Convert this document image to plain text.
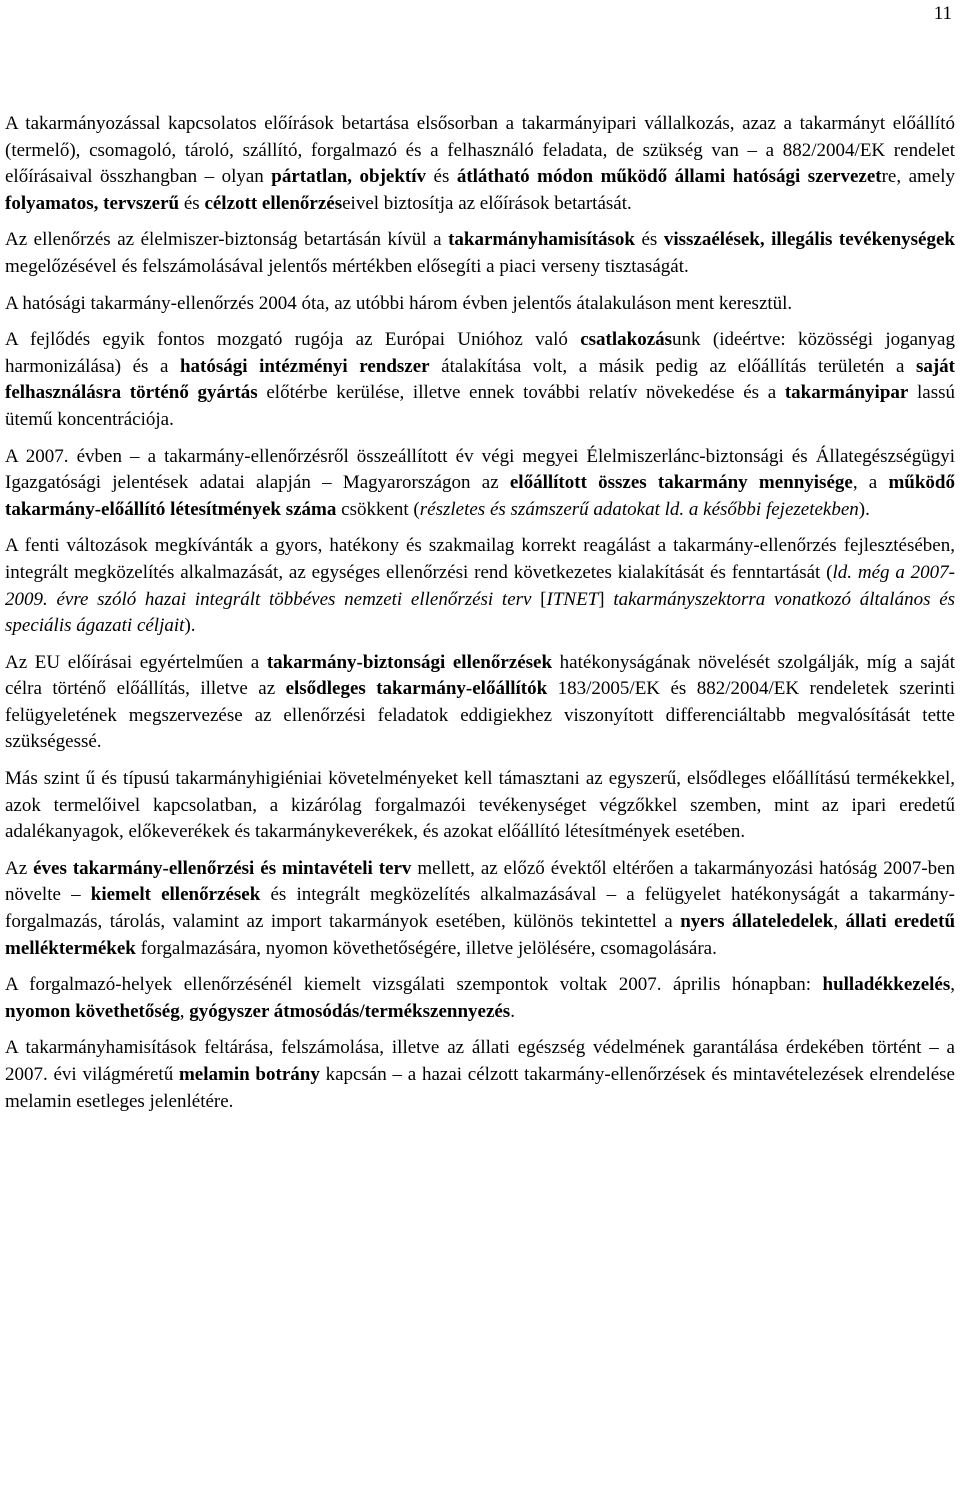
11

A takarmányozással kapcsolatos előírások betartása elsősorban a takarmányipari vállalkozás, azaz a takarmányt előállító (termelő), csomagoló, tároló, szállító, forgalmazó és a felhasználó feladata, de szükség van – a 882/2004/EK rendelet előírásaival összhangban – olyan pártatlan, objektív és átlátható módon működő állami hatósági szervezetre, amely folyamatos, tervszerű és célzott ellenőrzéseivel biztosítja az előírások betartását.

Az ellenőrzés az élelmiszer-biztonság betartásán kívül a takarmányhamisítások és visszaélések, illegális tevékenységek megelőzésével és felszámolásával jelentős mértékben elősegíti a piaci verseny tisztaságát.

A hatósági takarmány-ellenőrzés 2004 óta, az utóbbi három évben jelentős átalakuláson ment keresztül.

A fejlődés egyik fontos mozgató rugója az Európai Unióhoz való csatlakozásunk (ideértve: közösségi joganyag harmonizálása) és a hatósági intézményi rendszer átalakítása volt, a másik pedig az előállítás területén a saját felhasználásra történő gyártás előtérbe kerülése, illetve ennek további relatív növekedése és a takarmányipar lassú ütemű koncentrációja.

A 2007. évben – a takarmány-ellenőrzésről összeállított év végi megyei Élelmiszerlánc-biztonsági és Állategészségügyi Igazgatósági jelentések adatai alapján – Magyarországon az előállított összes takarmány mennyisége, a működő takarmány-előállító létesítmények száma csökkent (részletes és számszerű adatokat ld. a későbbi fejezetekben).

A fenti változások megkívánták a gyors, hatékony és szakmailag korrekt reagálást a takarmány-ellenőrzés fejlesztésében, integrált megközelítés alkalmazását, az egységes ellenőrzési rend következetes kialakítását és fenntartását (ld. még a 2007-2009. évre szóló hazai integrált többéves nemzeti ellenőrzési terv [ITNET] takarmányszektorra vonatkozó általános és speciális ágazati céljait).

Az EU előírásai egyértelműen a takarmány-biztonsági ellenőrzések hatékonyságának növelését szolgálják, míg a saját célra történő előállítás, illetve az elsődleges takarmány-előállítók 183/2005/EK és 882/2004/EK rendeletek szerinti felügyeletének megszervezése az ellenőrzési feladatok eddigiekhez viszonyított differenciáltabb megvalósítását tette szükségessé.

Más szint ű és típusú takarmányhigiéniai követelményeket kell támasztani az egyszerű, elsődleges előállítású termékekkel, azok termelőivel kapcsolatban, a kizárólag forgalmazói tevékenységet végzőkkel szemben, mint az ipari eredetű adalékanyagok, előkeverékek és takarmánykeverékek, és azokat előállító létesítmények esetében.

Az éves takarmány-ellenőrzési és mintavételi terv mellett, az előző évektől eltérően a takarmányozási hatóság 2007-ben növelte – kiemelt ellenőrzések és integrált megközelítés alkalmazásával – a felügyelet hatékonyságát a takarmány-forgalmazás, tárolás, valamint az import takarmányok esetében, különös tekintettel a nyers állateledelek, állati eredetű melléktermékek forgalmazására, nyomon követhetőségére, illetve jelölésére, csomagolására.

A forgalmazó-helyek ellenőrzésénél kiemelt vizsgálati szempontok voltak 2007. április hónapban: hulladékkezelés, nyomon követhetőség, gyógyszer átmosódás/termékszennyezés.

A takarmányhamisítások feltárása, felszámolása, illetve az állati egészség védelmének garantálása érdekében történt – a 2007. évi világméretű melamin botrány kapcsán – a hazai célzott takarmány-ellenőrzések és mintavételezések elrendelése melamin esetleges jelenlétére.
